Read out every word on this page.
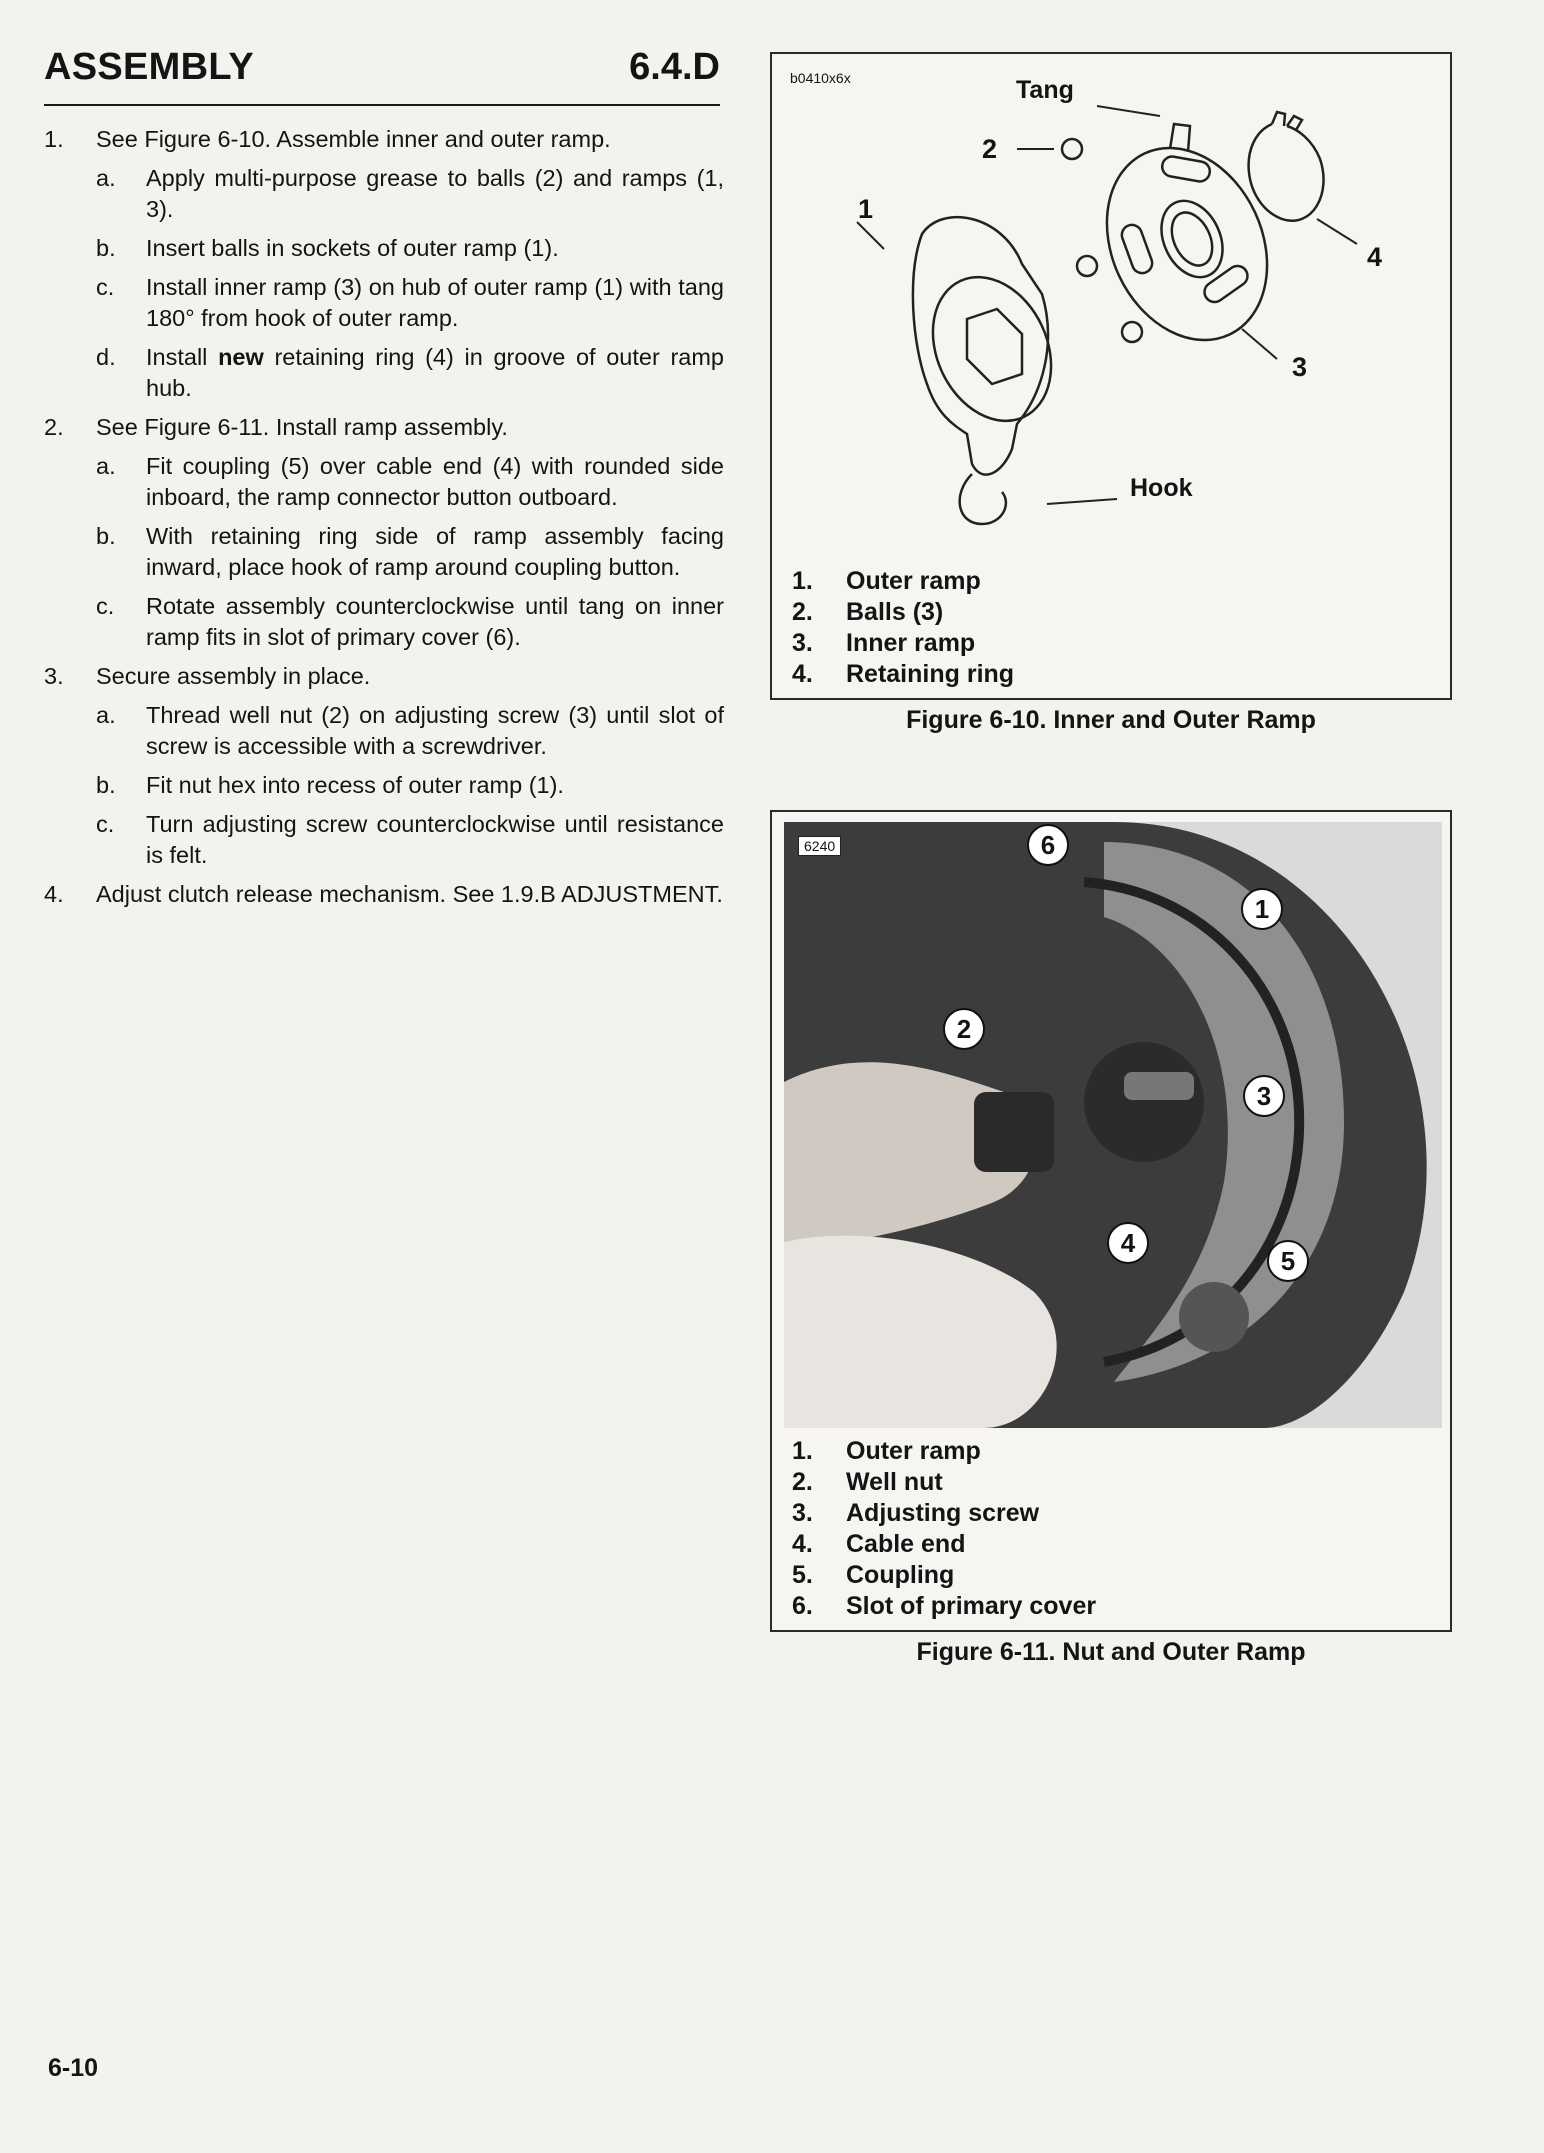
ASSEMBLY	6.4.D
1.	See Figure 6-10. Assemble inner and outer ramp.
a.	Apply multi-purpose grease to balls (2) and ramps (1, 3).
b.	Insert balls in sockets of outer ramp (1).
c.	Install inner ramp (3) on hub of outer ramp (1) with tang 180° from hook of outer ramp.
d.	Install new retaining ring (4) in groove of outer ramp hub.
2.	See Figure 6-11. Install ramp assembly.
a.	Fit coupling (5) over cable end (4) with rounded side inboard, the ramp connector button outboard.
b.	With retaining ring side of ramp assembly facing inward, place hook of ramp around coupling button.
c.	Rotate assembly counterclockwise until tang on inner ramp fits in slot of primary cover (6).
3.	Secure assembly in place.
a.	Thread well nut (2) on adjusting screw (3) until slot of screw is accessible with a screwdriver.
b.	Fit nut hex into recess of outer ramp (1).
c.	Turn adjusting screw counterclockwise until resistance is felt.
4.	Adjust clutch release mechanism. See 1.9.B ADJUSTMENT.
b0410x6x	Tang
2
1
4
3
Hook
1. Outer ramp
2. Balls (3)
3. Inner ramp
4. Retaining ring
Figure 6-10. Inner and Outer Ramp
6240	6
1
2
3
4
5
1. Outer ramp
2. Well nut
3. Adjusting screw
4. Cable end
5. Coupling
6. Slot of primary cover
Figure 6-11. Nut and Outer Ramp
6-10
